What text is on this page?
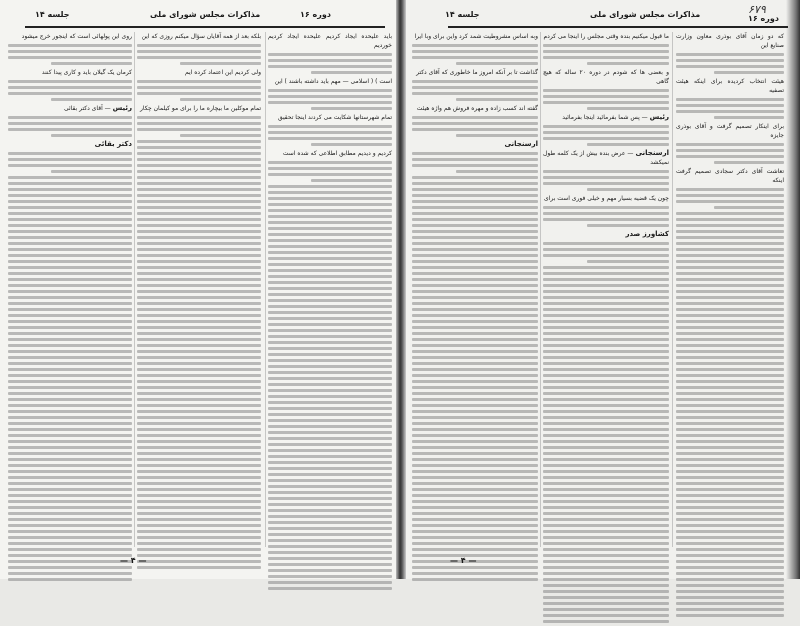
۶۷۹
دوره ۱۶
مذاکرات مجلس شورای ملی
جلسه ۱۴	جلسه ۱۴	مذاکرات مجلس شورای ملی	دوره ۱۶

باید علیحده ایجاد کردیم علیحده ایجاد کردیم خوردیم

است ) ( اسلامی — مهم باید داشته باشند ) این

تمام شهرستانها شکایت می کردند اینجا تحقیق

کردیم و دیدیم مطابق اطلاعی که شده است

بلکه بعد از همه آقایان سؤال میکنم روزی که این

ولی کردیم این اعتماد کرده ایم

تمام موکلین ما بیچاره ما را برای مو کیلمان چکار

روی این پولهائی است که اینجور خرج میشود

کرمان یک گیلان باید و کاری پیدا کنند

رئیس — آقای دکتر بقائی

دکتر بقائی

که دو زمان آقای بوذری معاون وزارت صنایع این

هیئت انتخاب کردیده برای اینکه هیئت تصفیه

برای اینکار تصمیم گرفت و آقای بوذری جایزه

تعاشت آقای دکتر سجادی تصمیم گرفت اینکه

ما قبول میکنیم بنده وقتی مجلس را اینجا می کردم

و بعضی ها که شودم در دوره ۲۰ ساله که هیچ گاهی

رئیس — پس شما بفرمائید اینجا بفرمائید

ارسنجانی — عرض بنده بیش از یک کلمه طول نمیکشد

چون یک قضیه بسیار مهم و خیلی فوری است برای

کشاورز صدر

وبه اساس مشروطیت شمد کرد واین برای وبا ایرا

گذاشت تا بر آنکه امروز ما خاطوری که آقای دکتر

گفته اند کسب زاده و مهره فروش هم واژه هیئت

ارسنجانی

— ۴ —	— ۴ —
